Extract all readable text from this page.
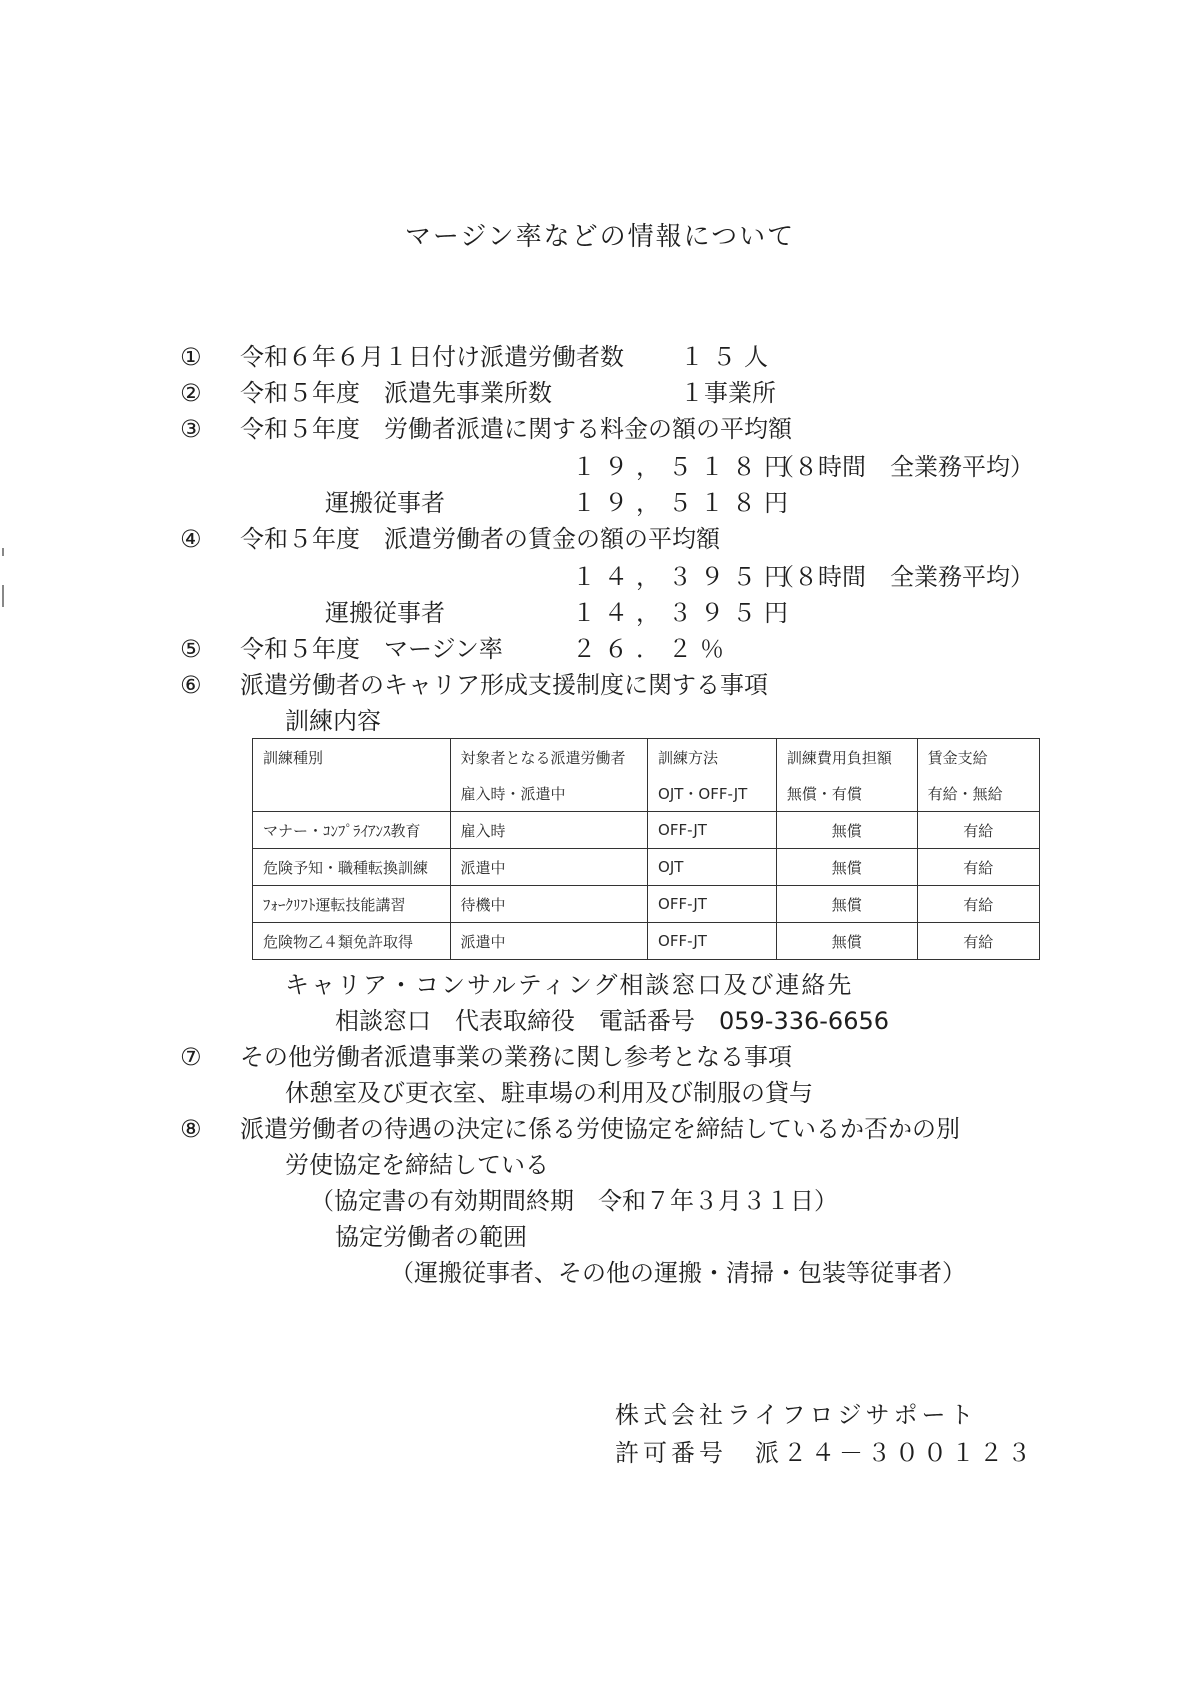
マージン率などの情報について
① 令和６年６月１日付け派遣労働者数 １５人
② 令和５年度　派遣先事業所数	１事業所
③ 令和５年度　労働者派遣に関する料金の額の平均額
１９，５１８円
（８時間　全業務平均）
運搬従事者	１９，５１８円
④ 令和５年度　派遣労働者の賃金の額の平均額
１４，３９５円
（８時間　全業務平均）
運搬従事者	１４，３９５円
⑤ 令和５年度　マージン率	２６．２％
⑥ 派遣労働者のキャリア形成支援制度に関する事項
訓練内容
訓練種別	対象者となる派遣労働者	訓練方法	訓練費用負担額	賃金支給
	雇入時・派遣中	OJT・OFF-JT	無償・有償	有給・無給
マナー・ｺﾝﾌﾟﾗｲｱﾝｽ教育	雇入時	OFF-JT	無償	有給
危険予知・職種転換訓練	派遣中	OJT	無償	有給
ﾌｫｰｸﾘﾌﾄ運転技能講習	待機中	OFF-JT	無償	有給
危険物乙４類免許取得	派遣中	OFF-JT	無償	有給
キャリア・コンサルティング相談窓口及び連絡先
相談窓口　代表取締役　電話番号　059-336-6656
⑦ その他労働者派遣事業の業務に関し参考となる事項
休憩室及び更衣室、駐車場の利用及び制服の貸与
⑧ 派遣労働者の待遇の決定に係る労使協定を締結しているか否かの別
労使協定を締結している
（協定書の有効期間終期　令和７年３月３１日）
協定労働者の範囲
（運搬従事者、その他の運搬・清掃・包装等従事者）
株式会社ライフロジサポート
許可番号　派２４－３００１２３
